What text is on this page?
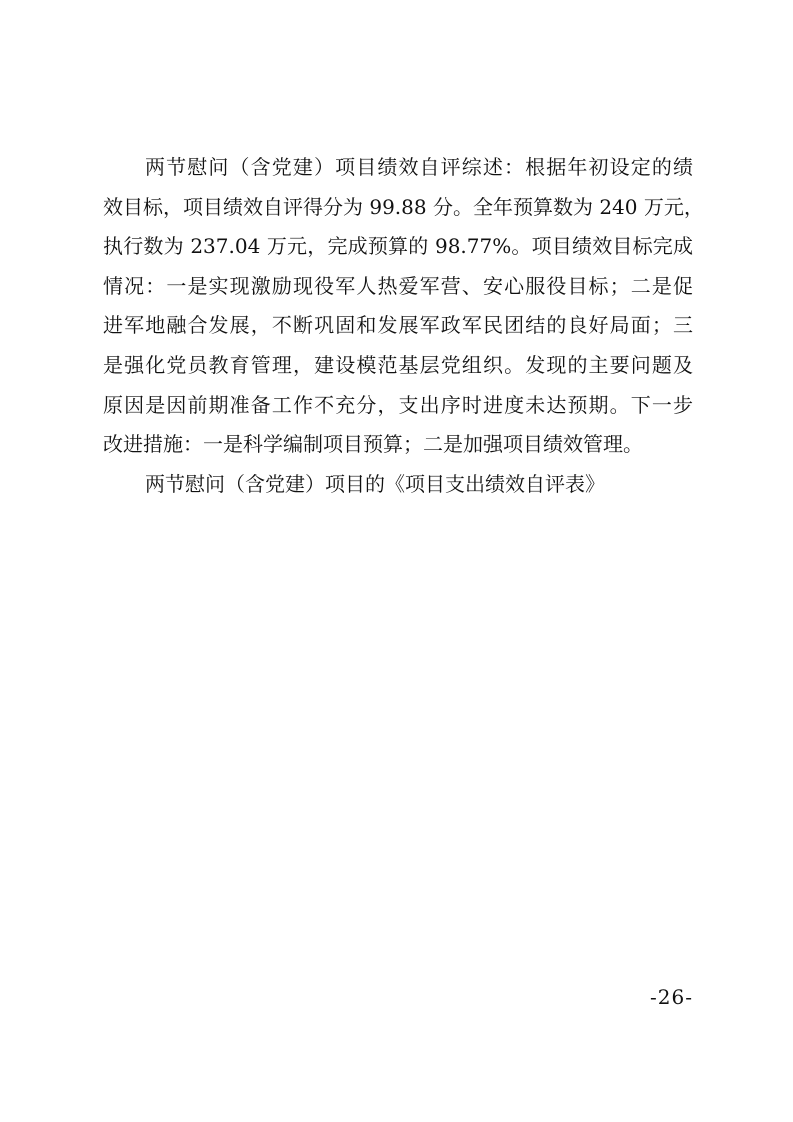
两节慰问（含党建）项目绩效自评综述：根据年初设定的绩
效目标，项目绩效自评得分为 99.88 分。全年预算数为 240 万元，
执行数为 237.04 万元，完成预算的 98.77%。项目绩效目标完成
情况：一是实现激励现役军人热爱军营、安心服役目标；二是促
进军地融合发展，不断巩固和发展军政军民团结的良好局面；三
是强化党员教育管理，建设模范基层党组织。发现的主要问题及
原因是因前期准备工作不充分，支出序时进度未达预期。下一步
改进措施：一是科学编制项目预算；二是加强项目绩效管理。
两节慰问（含党建）项目的《项目支出绩效自评表》
-26-
